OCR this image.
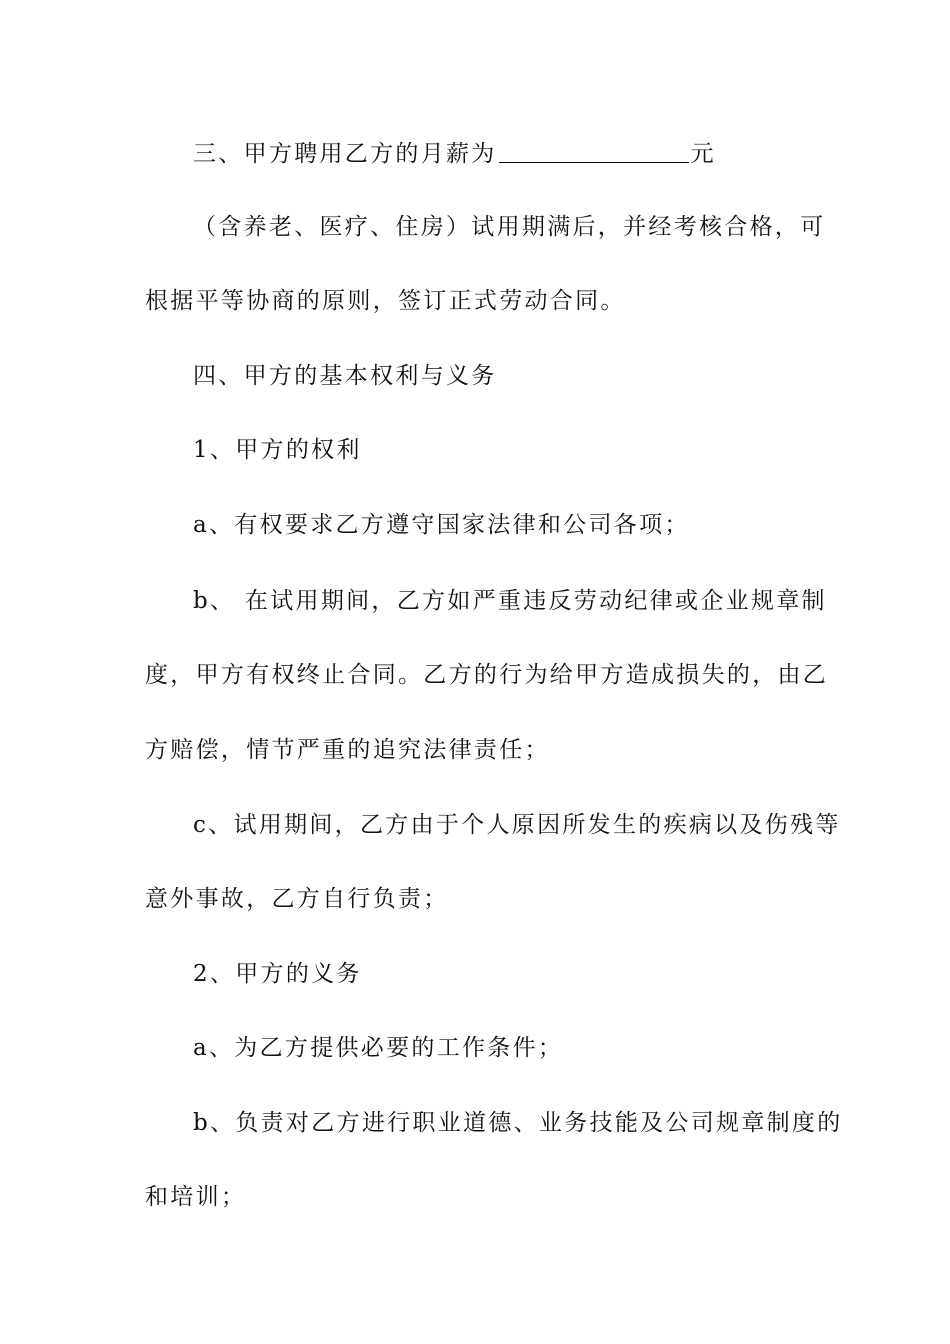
三、甲方聘用乙方的月薪为	元
（含养老、医疗、住房）试用期满后，并经考核合格，可
根据平等协商的原则，签订正式劳动合同。
四、甲方的基本权利与义务
1、甲方的权利
a、有权要求乙方遵守国家法律和公司各项；
b、 在试用期间，乙方如严重违反劳动纪律或企业规章制
度，甲方有权终止合同。乙方的行为给甲方造成损失的，由乙
方赔偿，情节严重的追究法律责任；
c、试用期间，乙方由于个人原因所发生的疾病以及伤残等
意外事故，乙方自行负责；
2、甲方的义务
a、为乙方提供必要的工作条件；
b、负责对乙方进行职业道德、业务技能及公司规章制度的
和培训；
